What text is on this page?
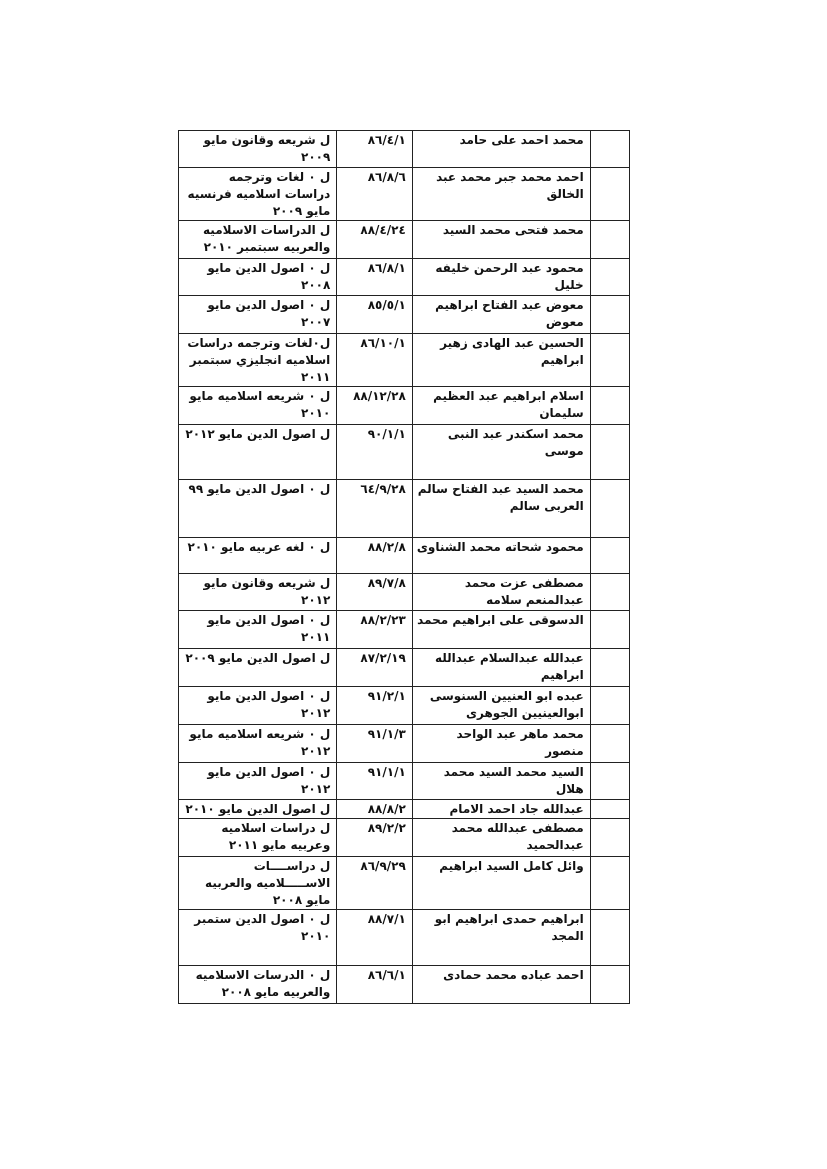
	محمد احمد على حامد	٨٦/٤/١	ل شريعه وقانون مايو ٢٠٠٩

	احمد محمد جبر محمد عبد الخالق	٨٦/٨/٦	ل ٠ لغات وترجمه دراسات اسلاميه فرنسيه مايو ٢٠٠٩

	محمد فتحى محمد السيد	٨٨/٤/٢٤	ل الدراسات الاسلاميه والعربيه سبتمبر ٢٠١٠

	محمود عبد الرحمن خليفه خليل	٨٦/٨/١	ل ٠ اصول الدين مايو ٢٠٠٨

	معوض عبد الفتاح ابراهيم معوض	٨٥/٥/١	ل ٠ اصول الدين مايو ٢٠٠٧

	الحسين عبد الهادى زهير ابراهيم	٨٦/١٠/١	ل٠لغات وترجمه دراسات اسلاميه انجليزي سبتمبر ٢٠١١

	اسلام ابراهيم عبد العظيم سليمان	٨٨/١٢/٢٨	ل ٠ شريعه اسلاميه مايو ٢٠١٠

	محمد اسكندر عبد النبى موسى	٩٠/١/١	ل اصول الدين مايو ٢٠١٢

	محمد السيد عبد الفتاح سالم العربى سالم	٦٤/٩/٢٨	ل ٠ اصول الدين مايو ٩٩

	محمود شحاته محمد الشناوى	٨٨/٢/٨	ل ٠ لغه عربيه مايو ٢٠١٠

	مصطفى عزت محمد عبدالمنعم سلامه	٨٩/٧/٨	ل شريعه وقانون مايو ٢٠١٢

	الدسوقى على ابراهيم محمد	٨٨/٢/٢٣	ل ٠ اصول الدين مايو ٢٠١١

	عبدالله عبدالسلام عبدالله ابراهيم	٨٧/٢/١٩	ل اصول الدين مايو ٢٠٠٩

	عبده ابو العنيين السنوسى ابوالعينيين الجوهرى	٩١/٢/١	ل ٠ اصول الدين مايو ٢٠١٢

	محمد ماهر عبد الواحد منصور	٩١/١/٣	ل ٠ شريعه اسلاميه مايو ٢٠١٢

	السيد محمد السيد محمد هلال	٩١/١/١	ل ٠ اصول الدين مايو ٢٠١٢

	عبدالله جاد احمد الامام	٨٨/٨/٢	ل اصول الدين مايو ٢٠١٠

	مصطفى عبدالله محمد عبدالحميد	٨٩/٢/٢	ل دراسات اسلاميه وعربيه مايو ٢٠١١

	وائل كامل السيد ابراهيم	٨٦/٩/٢٩	ل دراســــات الاســـــلاميه والعربيه مايو ٢٠٠٨

	ابراهيم حمدى ابراهيم ابو المجد	٨٨/٧/١	ل ٠ اصول الدين ستمبر ٢٠١٠

	احمد عباده محمد حمادى	٨٦/٦/١	ل ٠ الدرسات الاسلاميه والعربيه مايو ٢٠٠٨
